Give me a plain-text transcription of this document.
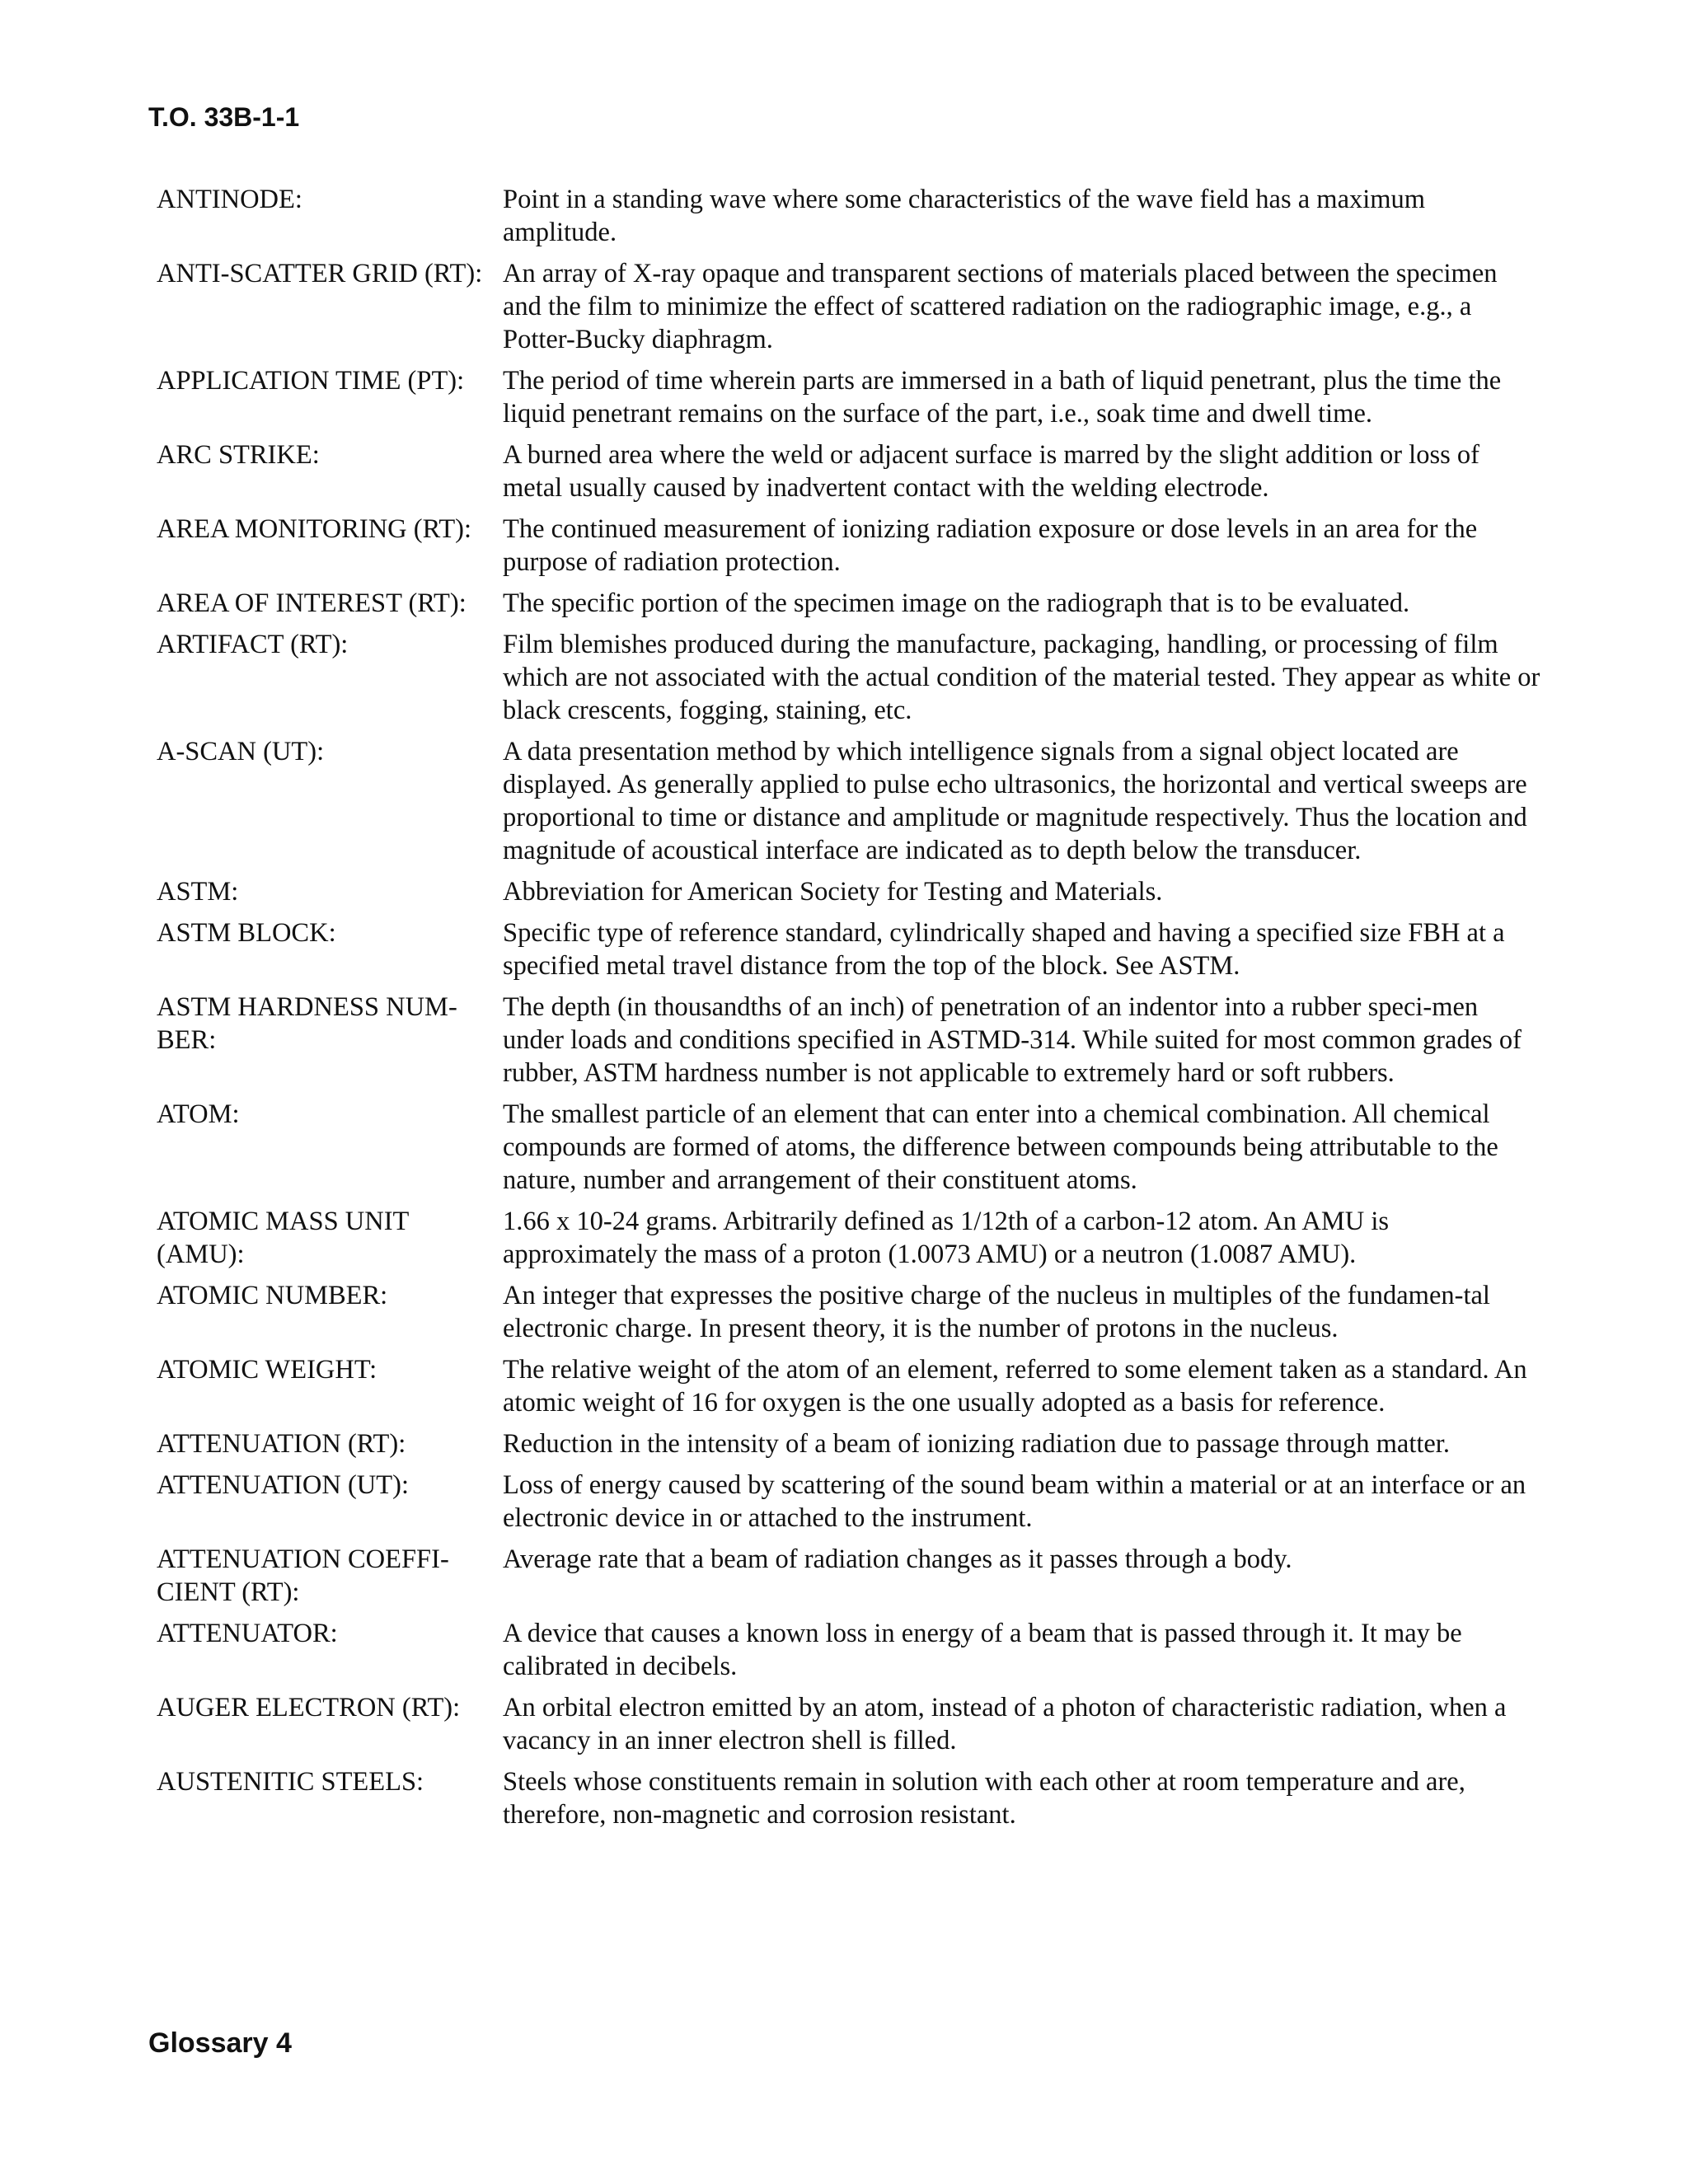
T.O. 33B-1-1
ANTINODE:	Point in a standing wave where some characteristics of the wave field has a maximum amplitude.
ANTI-SCATTER GRID (RT): An array of X-ray opaque and transparent sections of materials placed between the specimen and the film to minimize the effect of scattered radiation on the radiographic image, e.g., a Potter-Bucky diaphragm.
APPLICATION TIME (PT):	The period of time wherein parts are immersed in a bath of liquid penetrant, plus the time the liquid penetrant remains on the surface of the part, i.e., soak time and dwell time.
ARC STRIKE:	A burned area where the weld or adjacent surface is marred by the slight addition or loss of metal usually caused by inadvertent contact with the welding electrode.
AREA MONITORING (RT):	The continued measurement of ionizing radiation exposure or dose levels in an area for the purpose of radiation protection.
AREA OF INTEREST (RT):	The specific portion of the specimen image on the radiograph that is to be evaluated.
ARTIFACT (RT):	Film blemishes produced during the manufacture, packaging, handling, or processing of film which are not associated with the actual condition of the material tested. They appear as white or black crescents, fogging, staining, etc.
A-SCAN (UT):	A data presentation method by which intelligence signals from a signal object located are displayed. As generally applied to pulse echo ultrasonics, the horizontal and vertical sweeps are proportional to time or distance and amplitude or magnitude respectively. Thus the location and magnitude of acoustical interface are indicated as to depth below the transducer.
ASTM:	Abbreviation for American Society for Testing and Materials.
ASTM BLOCK:	Specific type of reference standard, cylindrically shaped and having a specified size FBH at a specified metal travel distance from the top of the block. See ASTM.
ASTM HARDNESS NUM-BER:
The depth (in thousandths of an inch) of penetration of an indentor into a rubber speci-men under loads and conditions specified in ASTMD-314. While suited for most common grades of rubber, ASTM hardness number is not applicable to extremely hard or soft rubbers.
ATOM:	The smallest particle of an element that can enter into a chemical combination. All chemical compounds are formed of atoms, the difference between compounds being attributable to the nature, number and arrangement of their constituent atoms.
ATOMIC MASS UNIT (AMU):
1.66 x 10-24 grams. Arbitrarily defined as 1/12th of a carbon-12 atom. An AMU is approximately the mass of a proton (1.0073 AMU) or a neutron (1.0087 AMU).
ATOMIC NUMBER:	An integer that expresses the positive charge of the nucleus in multiples of the fundamen-tal electronic charge. In present theory, it is the number of protons in the nucleus.
ATOMIC WEIGHT:	The relative weight of the atom of an element, referred to some element taken as a standard. An atomic weight of 16 for oxygen is the one usually adopted as a basis for reference.
ATTENUATION (RT):	Reduction in the intensity of a beam of ionizing radiation due to passage through matter.
ATTENUATION (UT):	Loss of energy caused by scattering of the sound beam within a material or at an interface or an electronic device in or attached to the instrument.
ATTENUATION COEFFI-CIENT (RT):
Average rate that a beam of radiation changes as it passes through a body.
ATTENUATOR:	A device that causes a known loss in energy of a beam that is passed through it. It may be calibrated in decibels.
AUGER ELECTRON (RT):	An orbital electron emitted by an atom, instead of a photon of characteristic radiation, when a vacancy in an inner electron shell is filled.
AUSTENITIC STEELS:	Steels whose constituents remain in solution with each other at room temperature and are, therefore, non-magnetic and corrosion resistant.
Glossary 4
